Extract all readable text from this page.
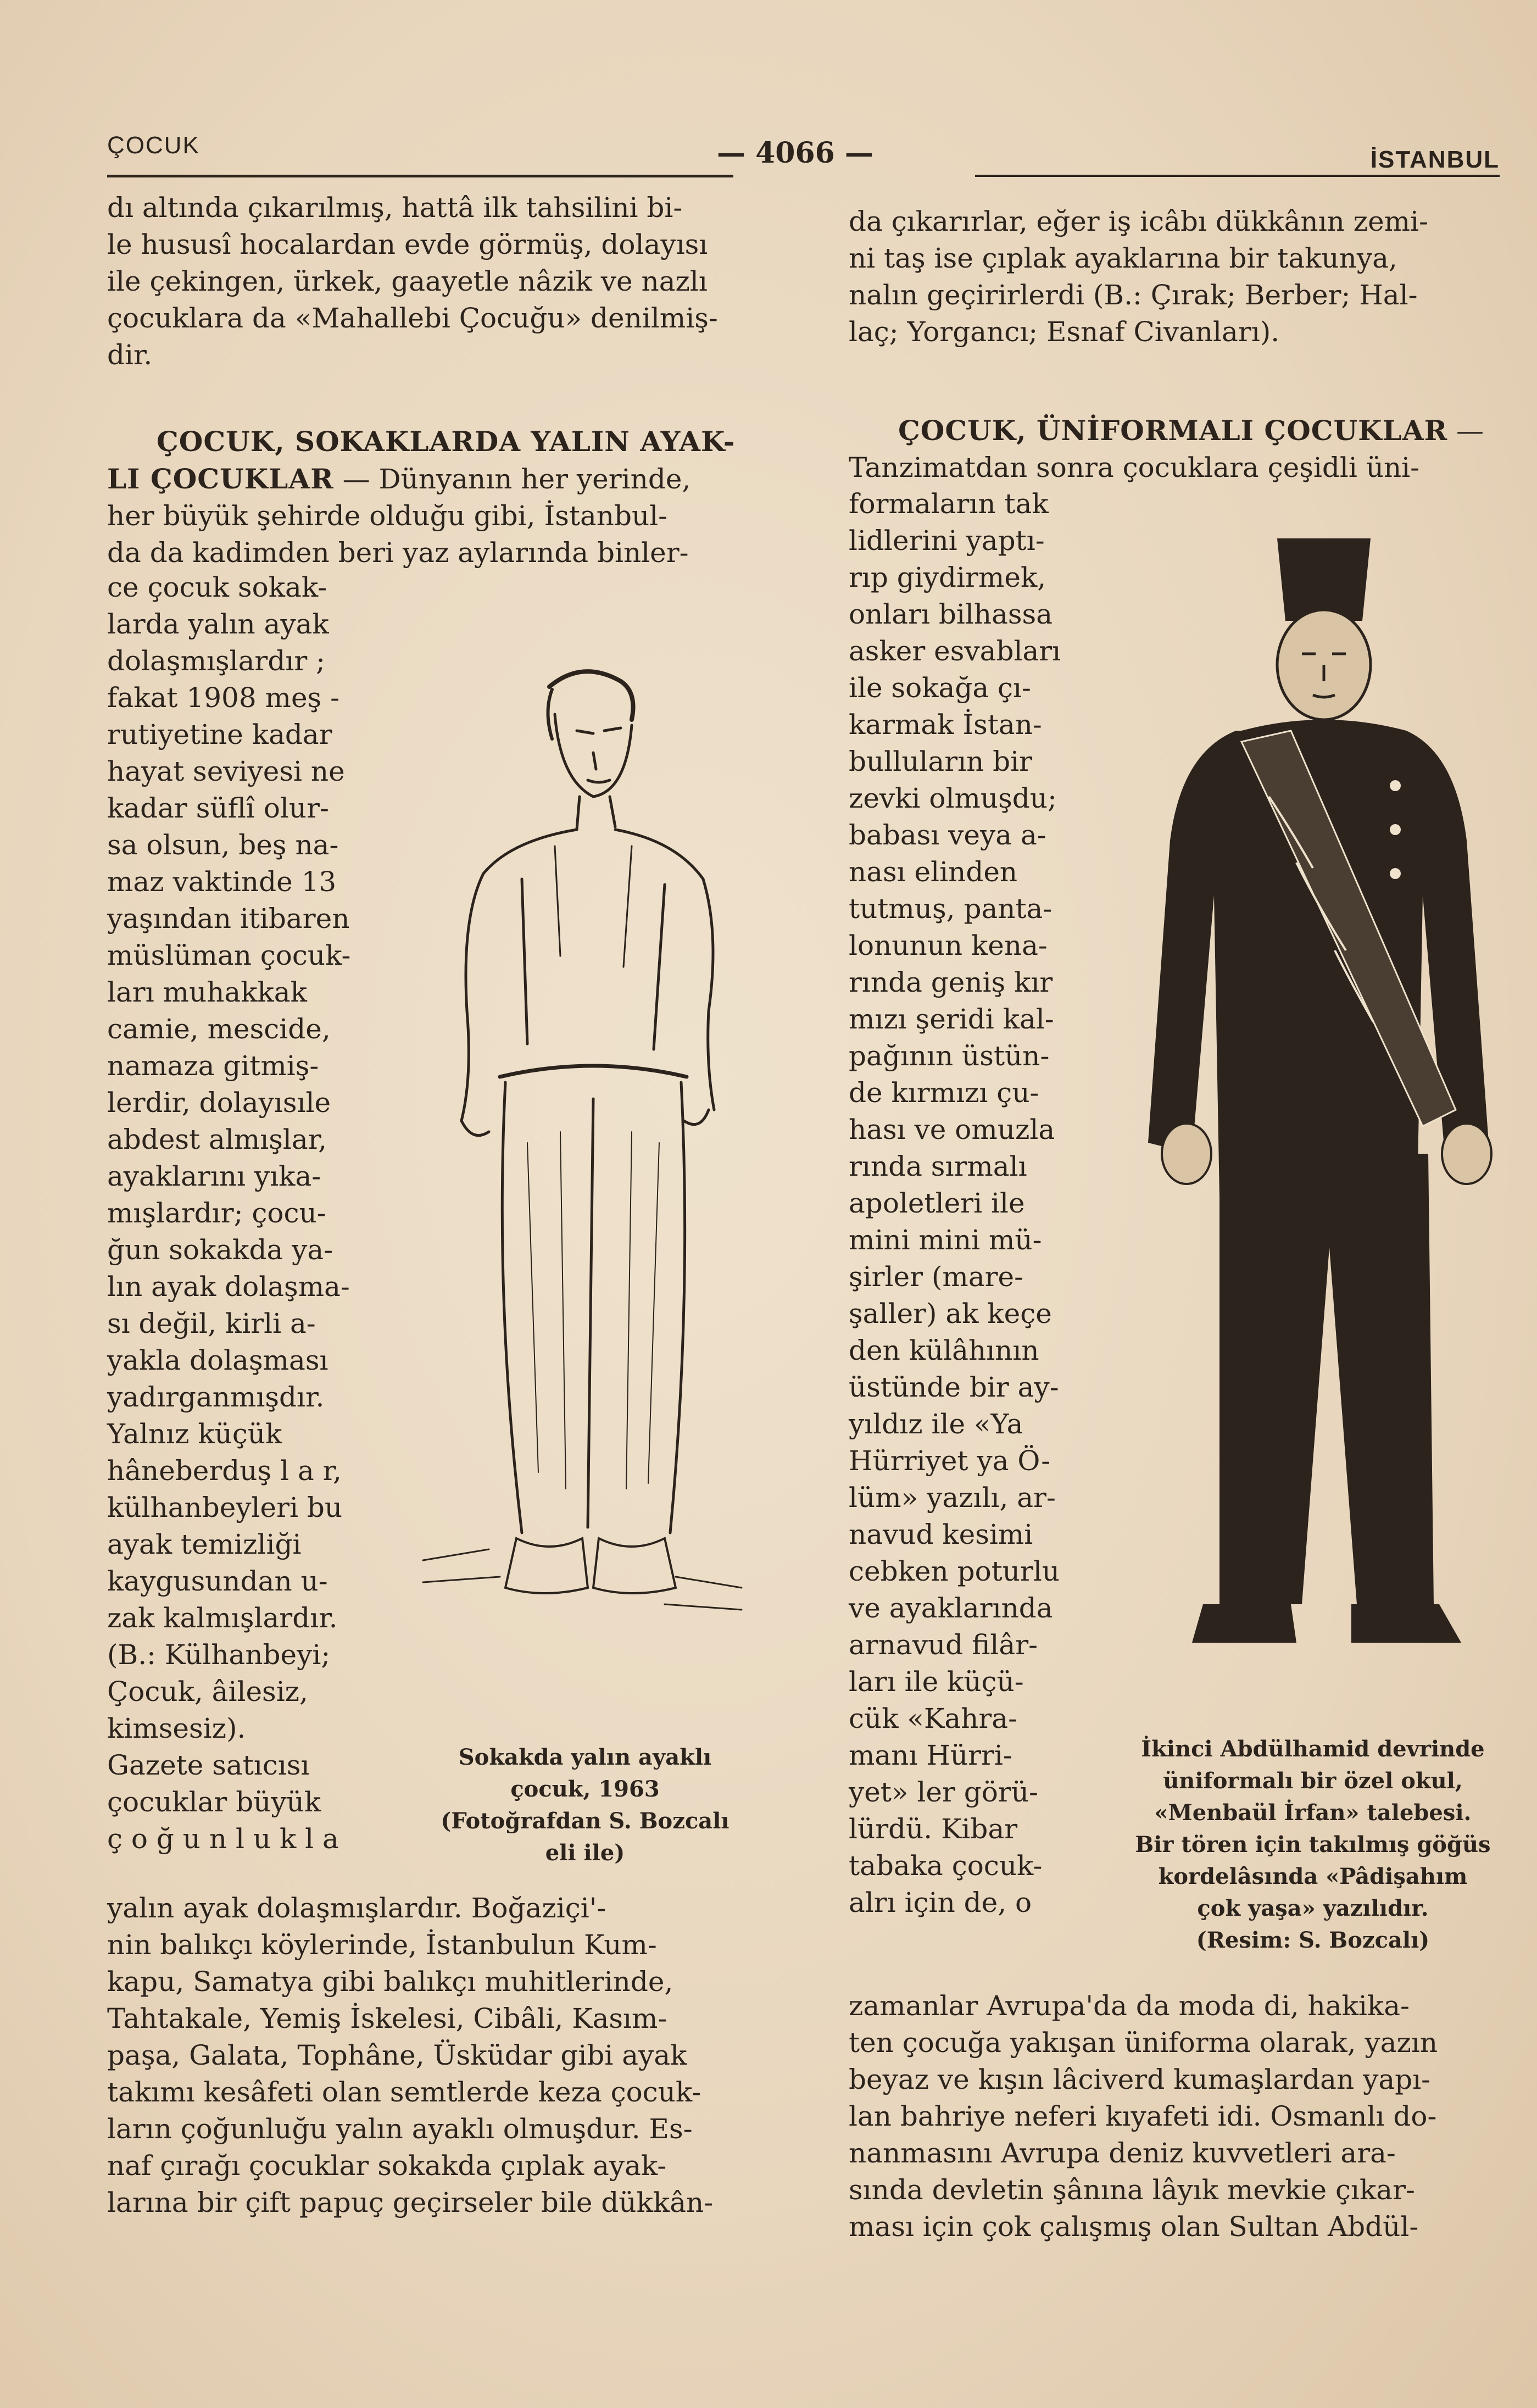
ÇOCUK	— 4066 —	İSTANBUL

dı altında çıkarılmış, hattâ ilk tahsilini bi-

le hususî hocalardan evde görmüş, dolayısı

ile çekingen, ürkek, gaayetle nâzik ve nazlı

çocuklara da «Mahallebi Çocuğu» denilmiş-

dir.

ÇOCUK, SOKAKLARDA YALIN AYAK-

LI ÇOCUKLAR — Dünyanın her yerinde,

her büyük şehirde olduğu gibi, İstanbul-

da da kadimden beri yaz aylarında binler-

ce çocuk sokak-

larda yalın ayak

dolaşmışlardır ;

fakat 1908 meş -

rutiyetine kadar

hayat seviyesi ne

kadar süflî olur-

sa olsun, beş na-

maz vaktinde 13

yaşından itibaren

müslüman çocuk-

ları muhakkak

camie, mescide,

namaza gitmiş-

lerdir, dolayısıle

abdest almışlar,

ayaklarını yıka-

mışlardır; çocu-

ğun sokakda ya-

lın ayak dolaşma-

sı değil, kirli a-

yakla dolaşması

yadırganmışdır.

Yalnız küçük

hâneberduş l a r,

külhanbeyleri bu

ayak temizliği

kaygusundan u-

zak kalmışlardır.

(B.: Külhanbeyi;

Çocuk, âilesiz,

kimsesiz).

Gazete satıcısı

çocuklar büyük

ç o ğ u n l u k l a

yalın ayak dolaşmışlardır. Boğaziçi'-

nin balıkçı köylerinde, İstanbulun Kum-

kapu, Samatya gibi balıkçı muhitlerinde,

Tahtakale, Yemiş İskelesi, Cibâli, Kasım-

paşa, Galata, Tophâne, Üsküdar gibi ayak

takımı kesâfeti olan semtlerde keza çocuk-

ların çoğunluğu yalın ayaklı olmuşdur. Es-

naf çırağı çocuklar sokakda çıplak ayak-

larına bir çift papuç geçirseler bile dükkân-

Sokakda yalın ayaklı
çocuk, 1963
(Fotoğrafdan S. Bozcalı
eli ile)

da çıkarırlar, eğer iş icâbı dükkânın zemi-

ni taş ise çıplak ayaklarına bir takunya,

nalın geçirirlerdi (B.: Çırak; Berber; Hal-

laç; Yorgancı; Esnaf Civanları).

ÇOCUK, ÜNİFORMALI ÇOCUKLAR —

Tanzimatdan sonra çocuklara çeşidli üni-

formaların tak

lidlerini yaptı-

rıp giydirmek,

onları bilhassa

asker esvabları

ile sokağa çı-

karmak İstan-

bulluların bir

zevki olmuşdu;

babası veya a-

nası elinden

tutmuş, panta-

lonunun kena-

rında geniş kır

mızı şeridi kal-

pağının üstün-

de kırmızı çu-

hası ve omuzla

rında sırmalı

apoletleri ile

mini mini mü-

şirler (mare-

şaller) ak keçe

den külâhının

üstünde bir ay-

yıldız ile «Ya

Hürriyet ya Ö-

lüm» yazılı, ar-

navud kesimi

cebken poturlu

ve ayaklarında

arnavud filâr-

ları ile küçü-

cük «Kahra-

manı Hürri-

yet» ler görü-

lürdü. Kibar

tabaka çocuk-

alrı için de, o

zamanlar Avrupa'da da moda di, hakika-

ten çocuğa yakışan üniforma olarak, yazın

beyaz ve kışın lâciverd kumaşlardan yapı-

lan bahriye neferi kıyafeti idi. Osmanlı do-

nanmasını Avrupa deniz kuvvetleri ara-

sında devletin şânına lâyık mevkie çıkar-

ması için çok çalışmış olan Sultan Abdül-

İkinci Abdülhamid devrinde
üniformalı bir özel okul,
«Menbaül İrfan» talebesi.
Bir tören için takılmış göğüs
kordelâsında «Pâdişahım
çok yaşa» yazılıdır.
(Resim: S. Bozcalı)
